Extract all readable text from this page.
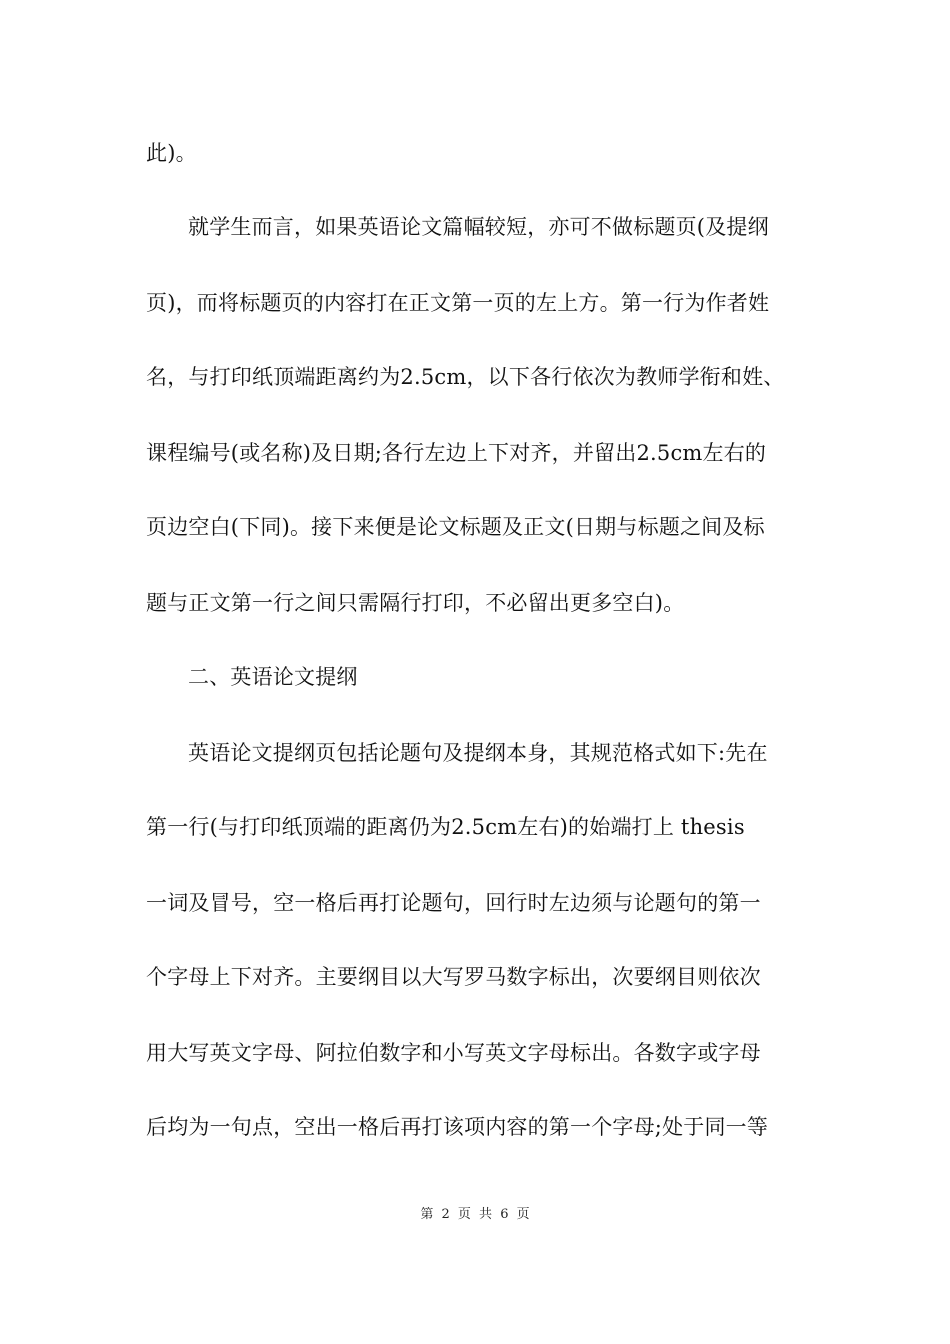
此)。
就学生而言，如果英语论文篇幅较短，亦可不做标题页(及提纲
页)，而将标题页的内容打在正文第一页的左上方。第一行为作者姓
名，与打印纸顶端距离约为2.5cm，以下各行依次为教师学衔和姓、
课程编号(或名称)及日期;各行左边上下对齐，并留出2.5cm左右的
页边空白(下同)。接下来便是论文标题及正文(日期与标题之间及标
题与正文第一行之间只需隔行打印，不必留出更多空白)。
二、英语论文提纲
英语论文提纲页包括论题句及提纲本身，其规范格式如下:先在
第一行(与打印纸顶端的距离仍为2.5cm左右)的始端打上 thesis
一词及冒号，空一格后再打论题句，回行时左边须与论题句的第一
个字母上下对齐。主要纲目以大写罗马数字标出，次要纲目则依次
用大写英文字母、阿拉伯数字和小写英文字母标出。各数字或字母
后均为一句点，空出一格后再打该项内容的第一个字母;处于同一等
第 2 页 共 6 页
